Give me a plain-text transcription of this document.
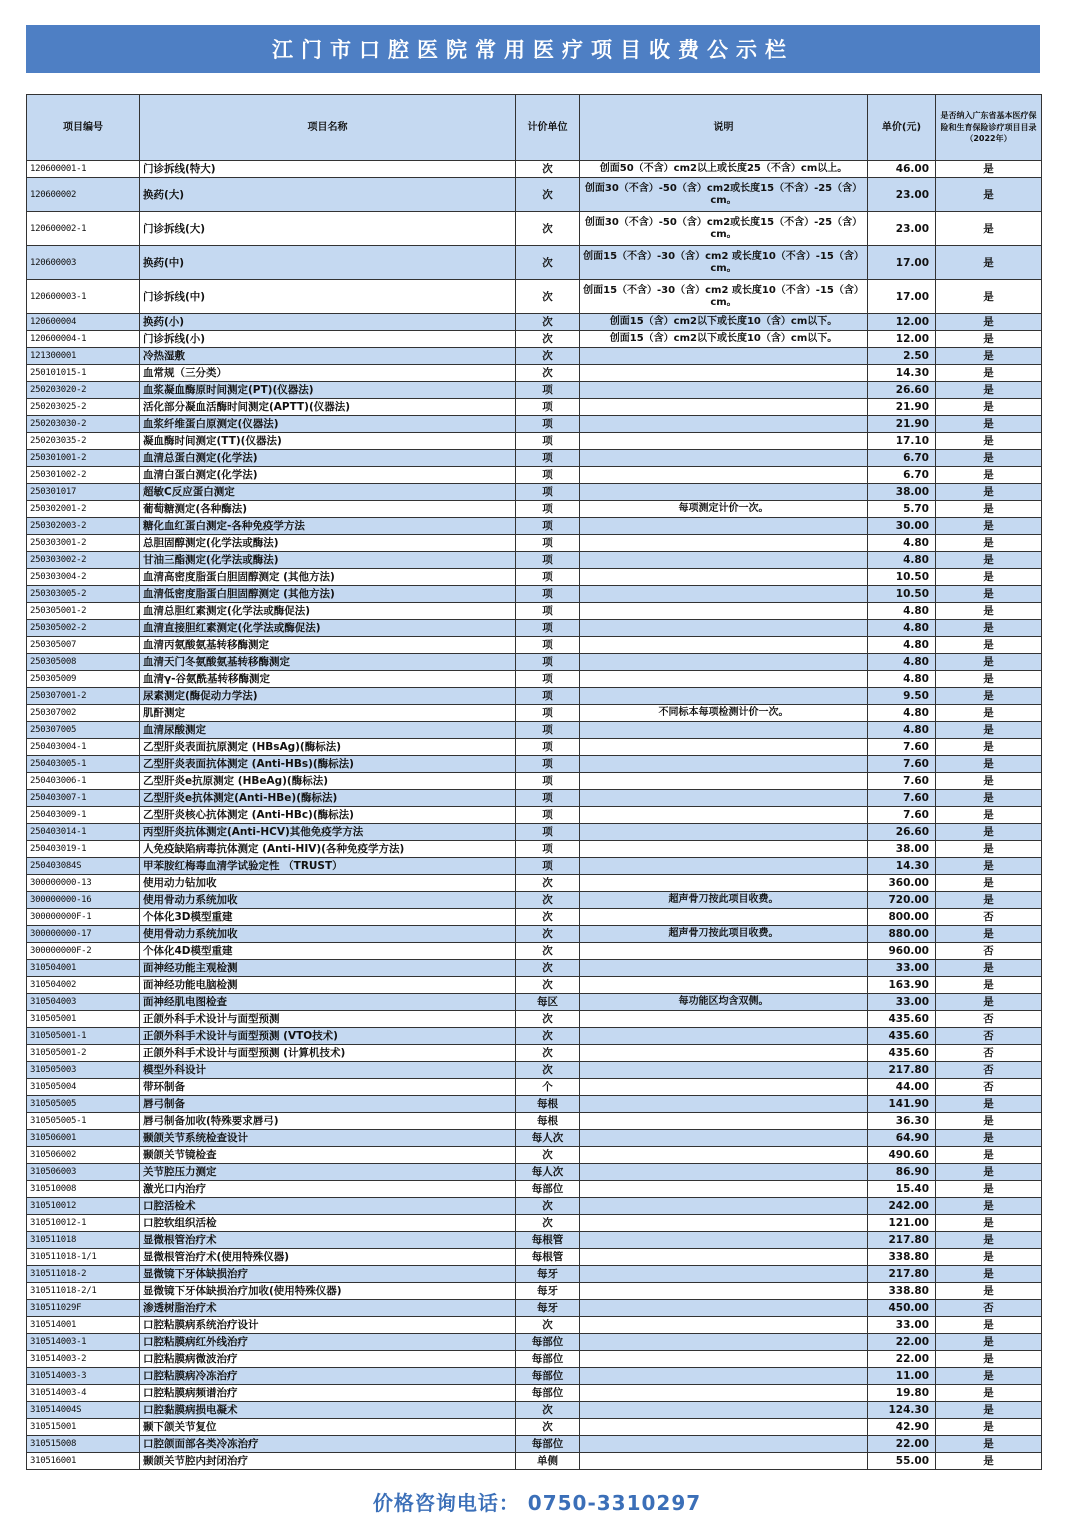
江门市口腔医院常用医疗项目收费公示栏
项目编号	项目名称	计价单位	说明	单价(元)	是否纳入广东省基本医疗保险和生育保险诊疗项目目录（2022年）
120600001-1	门诊拆线(特大)	次	创面50（不含）cm2以上或长度25（不含）cm以上。	46.00	是
120600002	换药(大)	次	创面30（不含）-50（含）cm2或长度15（不含）-25（含）cm。	23.00	是
120600002-1	门诊拆线(大)	次	创面30（不含）-50（含）cm2或长度15（不含）-25（含）cm。	23.00	是
120600003	换药(中)	次	创面15（不含）-30（含）cm2 或长度10（不含）-15（含）cm。	17.00	是
120600003-1	门诊拆线(中)	次	创面15（不含）-30（含）cm2 或长度10（不含）-15（含）cm。	17.00	是
120600004	换药(小)	次	创面15（含）cm2以下或长度10（含）cm以下。	12.00	是
120600004-1	门诊拆线(小)	次	创面15（含）cm2以下或长度10（含）cm以下。	12.00	是
121300001	冷热湿敷	次		2.50	是
250101015-1	血常规（三分类）	次		14.30	是
250203020-2	血浆凝血酶原时间测定(PT)(仪器法)	项		26.60	是
250203025-2	活化部分凝血活酶时间测定(APTT)(仪器法)	项		21.90	是
250203030-2	血浆纤维蛋白原测定(仪器法)	项		21.90	是
250203035-2	凝血酶时间测定(TT)(仪器法)	项		17.10	是
250301001-2	血清总蛋白测定(化学法)	项		6.70	是
250301002-2	血清白蛋白测定(化学法)	项		6.70	是
250301017	超敏C反应蛋白测定	项		38.00	是
250302001-2	葡萄糖测定(各种酶法)	项	每项测定计价一次。	5.70	是
250302003-2	糖化血红蛋白测定-各种免疫学方法	项		30.00	是
250303001-2	总胆固醇测定(化学法或酶法)	项		4.80	是
250303002-2	甘油三酯测定(化学法或酶法)	项		4.80	是
250303004-2	血清高密度脂蛋白胆固醇测定 (其他方法)	项		10.50	是
250303005-2	血清低密度脂蛋白胆固醇测定 (其他方法)	项		10.50	是
250305001-2	血清总胆红素测定(化学法或酶促法)	项		4.80	是
250305002-2	血清直接胆红素测定(化学法或酶促法)	项		4.80	是
250305007	血清丙氨酸氨基转移酶测定	项		4.80	是
250305008	血清天门冬氨酸氨基转移酶测定	项		4.80	是
250305009	血清γ-谷氨酰基转移酶测定	项		4.80	是
250307001-2	尿素测定(酶促动力学法)	项		9.50	是
250307002	肌酐测定	项	不同标本每项检测计价一次。	4.80	是
250307005	血清尿酸测定	项		4.80	是
250403004-1	乙型肝炎表面抗原测定 (HBsAg)(酶标法)	项		7.60	是
250403005-1	乙型肝炎表面抗体测定 (Anti-HBs)(酶标法)	项		7.60	是
250403006-1	乙型肝炎e抗原测定 (HBeAg)(酶标法)	项		7.60	是
250403007-1	乙型肝炎e抗体测定(Anti-HBe)(酶标法)	项		7.60	是
250403009-1	乙型肝炎核心抗体测定 (Anti-HBc)(酶标法)	项		7.60	是
250403014-1	丙型肝炎抗体测定(Anti-HCV)其他免疫学方法	项		26.60	是
250403019-1	人免疫缺陷病毒抗体测定 (Anti-HIV)(各种免疫学方法)	项		38.00	是
250403084S	甲苯胺红梅毒血清学试验定性 （TRUST）	项		14.30	是
300000000-13	使用动力钻加收	次		360.00	是
300000000-16	使用骨动力系统加收	次	超声骨刀按此项目收费。	720.00	是
300000000F-1	个体化3D模型重建	次		800.00	否
300000000-17	使用骨动力系统加收	次	超声骨刀按此项目收费。	880.00	是
300000000F-2	个体化4D模型重建	次		960.00	否
310504001	面神经功能主观检测	次		33.00	是
310504002	面神经功能电脑检测	次		163.90	是
310504003	面神经肌电图检查	每区	每功能区均含双侧。	33.00	是
310505001	正颌外科手术设计与面型预测	次		435.60	否
310505001-1	正颌外科手术设计与面型预测 (VTO技术)	次		435.60	否
310505001-2	正颌外科手术设计与面型预测 (计算机技术)	次		435.60	否
310505003	模型外科设计	次		217.80	否
310505004	带环制备	个		44.00	否
310505005	唇弓制备	每根		141.90	是
310505005-1	唇弓制备加收(特殊要求唇弓)	每根		36.30	是
310506001	颞颌关节系统检查设计	每人次		64.90	是
310506002	颞颌关节镜检查	次		490.60	是
310506003	关节腔压力测定	每人次		86.90	是
310510008	激光口内治疗	每部位		15.40	是
310510012	口腔活检术	次		242.00	是
310510012-1	口腔软组织活检	次		121.00	是
310511018	显微根管治疗术	每根管		217.80	是
310511018-1/1	显微根管治疗术(使用特殊仪器)	每根管		338.80	是
310511018-2	显微镜下牙体缺损治疗	每牙		217.80	是
310511018-2/1	显微镜下牙体缺损治疗加收(使用特殊仪器)	每牙		338.80	是
310511029F	渗透树脂治疗术	每牙		450.00	否
310514001	口腔粘膜病系统治疗设计	次		33.00	是
310514003-1	口腔粘膜病红外线治疗	每部位		22.00	是
310514003-2	口腔粘膜病微波治疗	每部位		22.00	是
310514003-3	口腔粘膜病冷冻治疗	每部位		11.00	是
310514003-4	口腔粘膜病频谱治疗	每部位		19.80	是
310514004S	口腔黏膜病损电凝术	次		124.30	是
310515001	颞下颌关节复位	次		42.90	是
310515008	口腔颌面部各类冷冻治疗	每部位		22.00	是
310516001	颞颌关节腔内封闭治疗	单侧		55.00	是
价格咨询电话： 0750-3310297
